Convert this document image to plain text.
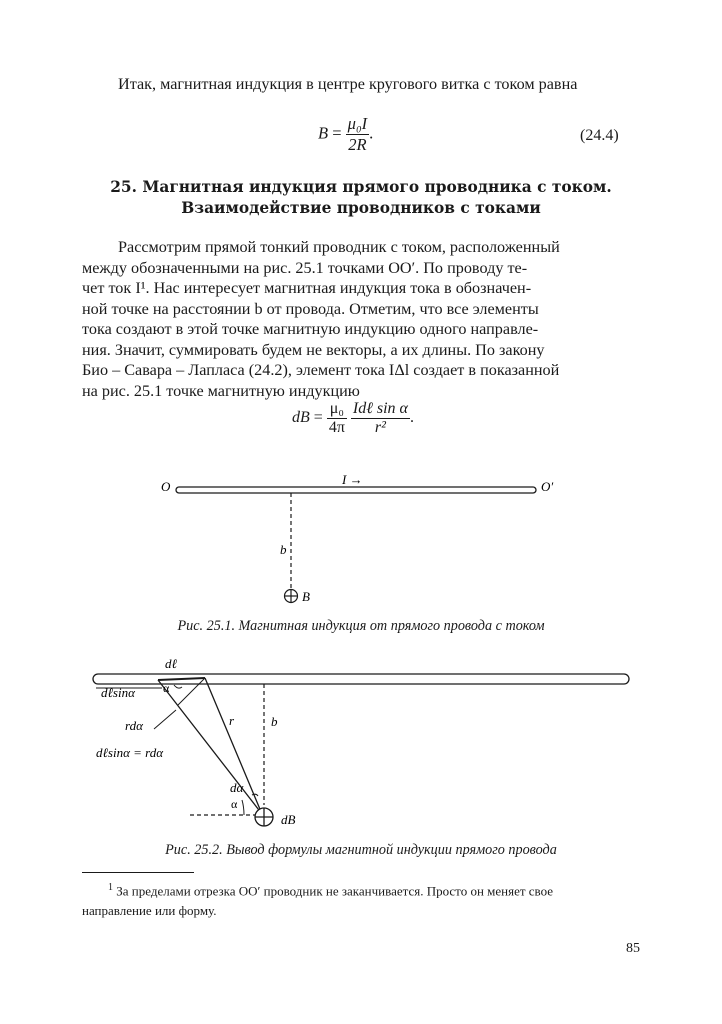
Итак, магнитная индукция в центре кругового витка с током равна
$B = \frac{\text{μ₀I}}{2R}$ .	(24.4)
25. Магнитная индукция прямого проводника с током.
Взаимодействие проводников с токами
Рассмотрим прямой тонкий проводник с током, расположенный
между обозначенными на рис. 25.1 точками OO′. По проводу те-
чет ток I¹. Нас интересует магнитная индукция тока в обозначен-
ной точке на расстоянии b от провода. Отметим, что все элементы
тока создают в этой точке магнитную индукцию одного направле-
ния. Значит, суммировать будем не векторы, а их длины. По закону
Био – Савара – Лапласа (24.2), элемент тока IΔl создает в показанной
на рис. 25.1 точке магнитную индукцию
dB = $\frac{\text{μ₀}}{4\pi}$
$\frac{\text{Idℓ sin α}}{\text{r²}}$ .
O	O′
I →
b
B⃗
Рис. 25.1. Магнитная индукция от прямого провода с током
dℓ⃗
dℓsinα α
rdα
dℓsinα = rdα
r	b
dα
α
dB⃗
Рис. 25.2. Вывод формулы магнитной индукции прямого провода
$^1$ За пределами отрезка OO′ проводник не заканчивается. Просто он меняет свое
направление или форму.
85
